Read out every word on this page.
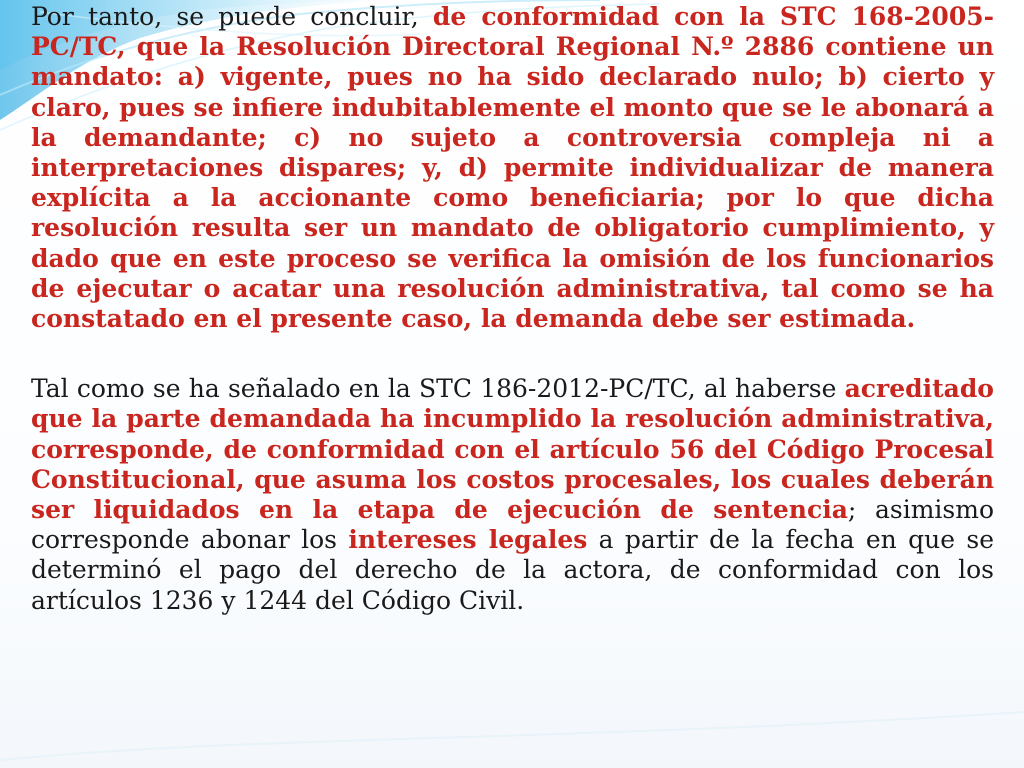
Por tanto, se puede concluir, de conformidad con la STC 168-2005-PC/TC, que la Resolución Directoral Regional N.º 2886 contiene un mandato: a) vigente, pues no ha sido declarado nulo; b) cierto y claro, pues se infiere indubitablemente el monto que se le abonará a la demandante; c) no sujeto a controversia compleja ni a interpretaciones dispares; y, d) permite individualizar de manera explícita a la accionante como beneficiaria; por lo que dicha resolución resulta ser un mandato de obligatorio cumplimiento, y dado que en este proceso se verifica la omisión de los funcionarios de ejecutar o acatar una resolución administrativa, tal como se ha constatado en el presente caso, la demanda debe ser estimada.

Tal como se ha señalado en la STC 186-2012-PC/TC, al haberse acreditado que la parte demandada ha incumplido la resolución administrativa, corresponde, de conformidad con el artículo 56 del Código Procesal Constitucional, que asuma los costos procesales, los cuales deberán ser liquidados en la etapa de ejecución de sentencia; asimismo corresponde abonar los intereses legales a partir de la fecha en que se determinó el pago del derecho de la actora, de conformidad con los artículos 1236 y 1244 del Código Civil.
